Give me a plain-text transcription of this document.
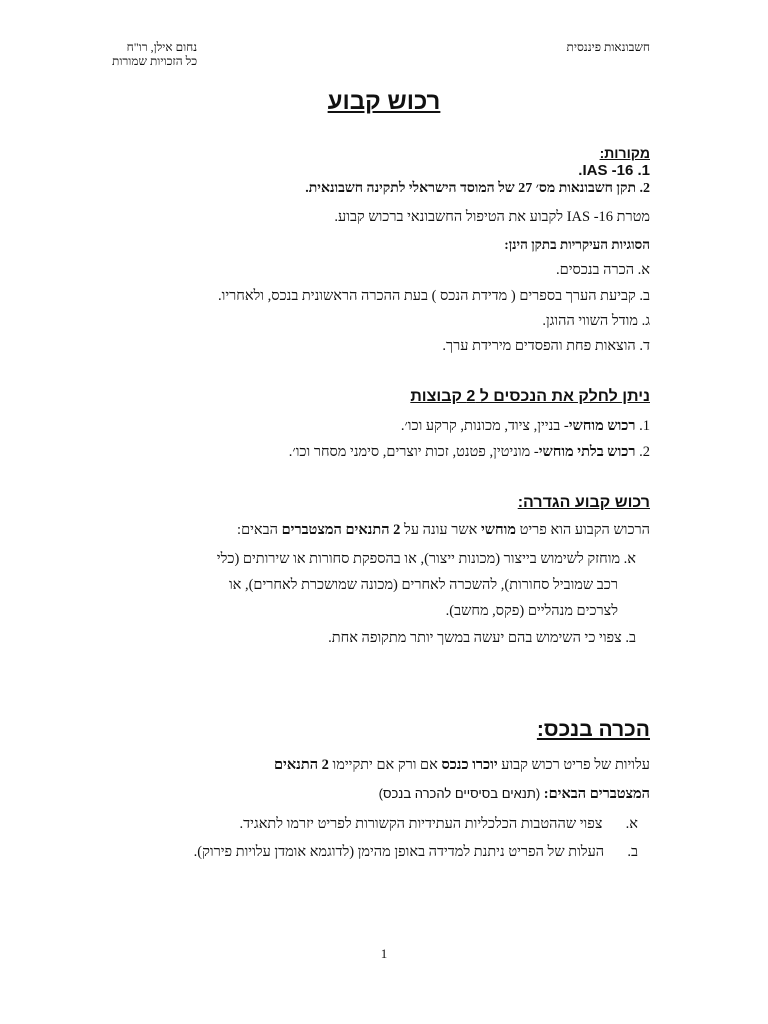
חשבונאות פיננסית
נחום אילן, רו"ח
כל הזכויות שמורות
רכוש קבוע
מקורות:
1. IAS -16.
2. תקן חשבונאות מס׳ 27 של המוסד הישראלי לתקינה חשבונאית.
מטרת IAS -16 לקבוע את הטיפול החשבונאי ברכוש קבוע.
הסוגיות העיקריות בתקן הינן:
א. הכרה בנכסים.
ב. קביעת הערך בספרים ( מדידת הנכס ) בעת ההכרה הראשונית בנכס, ולאחריו.
ג. מודל השווי ההוגן.
ד. הוצאות פחת והפסדים מירידת ערך.
ניתן לחלק את הנכסים ל 2 קבוצות
1. רכוש מוחשי- בניין, ציוד, מכונות, קרקע וכו׳.
2. רכוש בלתי מוחשי- מוניטין, פטנט, זכות יוצרים, סימני מסחר וכו׳.
רכוש קבוע הגדרה:
הרכוש הקבוע הוא פריט מוחשי אשר עונה על 2 התנאים המצטברים הבאים:
א. מוחזק לשימוש בייצור (מכונות ייצור), או בהספקת סחורות או שירותים (כלי
רכב שמוביל סחורות), להשכרה לאחרים (מכונה שמושכרת לאחרים), או
לצרכים מנהליים (פקס, מחשב).
ב. צפוי כי השימוש בהם יעשה במשך יותר מתקופה אחת.
הכרה בנכס:
עלויות של פריט רכוש קבוע יוכרו כנכס אם ורק אם יתקיימו 2 התנאים
המצטברים הבאים: (תנאים בסיסיים להכרה בנכס)
א.  צפוי שההטבות הכלכליות העתידיות הקשורות לפריט יזרמו לתאגיד.
ב.  העלות של הפריט ניתנת למדידה באופן מהימן (לדוגמא אומדן עלויות פירוק).
1
